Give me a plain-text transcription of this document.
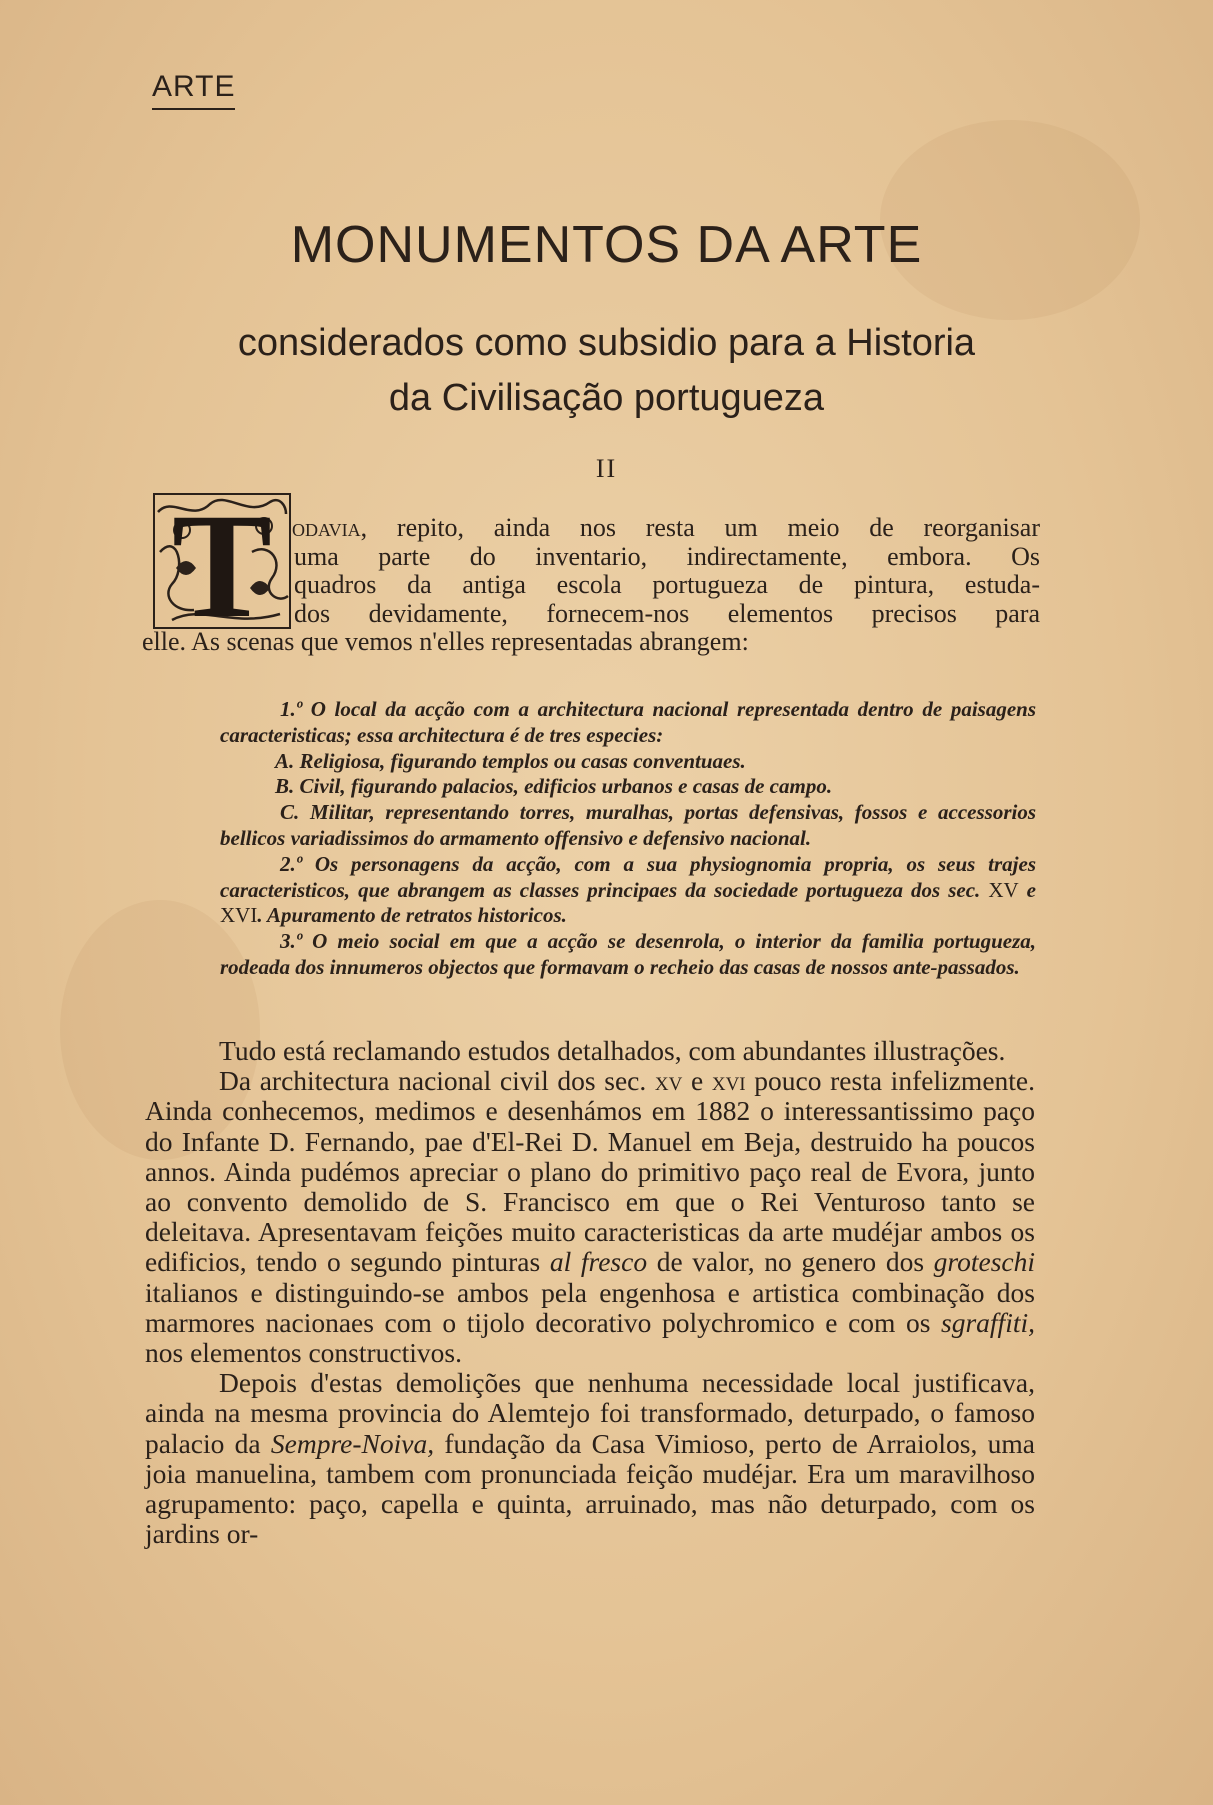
ARTE
MONUMENTOS DA ARTE
considerados como subsidio para a Historia
da Civilisação portugueza
II
T odavia, repito, ainda nos resta um meio de reorganisar
uma parte do inventario, indirectamente, embora. Os
quadros da antiga escola portugueza de pintura, estuda-
dos devidamente, fornecem-nos elementos precisos para
elle. As scenas que vemos n'elles representadas abrangem:

1.º O local da acção com a architectura nacional representada dentro de paisagens caracteristicas; essa architectura é de tres especies:

A. Religiosa, figurando templos ou casas conventuaes.

B. Civil, figurando palacios, edificios urbanos e casas de campo.

C. Militar, representando torres, muralhas, portas defensivas, fossos e accessorios bellicos variadissimos do armamento offensivo e defensivo nacional.

2.º Os personagens da acção, com a sua physiognomia propria, os seus trajes caracteristicos, que abrangem as classes principaes da sociedade portugueza dos sec. XV e XVI. Apuramento de retratos historicos.

3.º O meio social em que a acção se desenrola, o interior da familia portugueza, rodeada dos innumeros objectos que formavam o recheio das casas de nossos ante-passados.

Tudo está reclamando estudos detalhados, com abundantes illustrações.

Da architectura nacional civil dos sec. xv e xvi pouco resta infelizmente. Ainda conhecemos, medimos e desenhámos em 1882 o interessantissimo paço do Infante D. Fernando, pae d'El-Rei D. Manuel em Beja, destruido ha poucos annos. Ainda pudémos apreciar o plano do primitivo paço real de Evora, junto ao convento demolido de S. Francisco em que o Rei Venturoso tanto se deleitava. Apresentavam feições muito caracteristicas da arte mudéjar ambos os edificios, tendo o segundo pinturas al fresco de valor, no genero dos groteschi italianos e distinguindo-se ambos pela engenhosa e artistica combinação dos marmores nacionaes com o tijolo decorativo polychromico e com os sgraffiti, nos elementos constructivos.

Depois d'estas demolições que nenhuma necessidade local justificava, ainda na mesma provincia do Alemtejo foi transformado, deturpado, o famoso palacio da Sempre-Noiva, fundação da Casa Vimioso, perto de Arraiolos, uma joia manuelina, tambem com pronunciada feição mudéjar. Era um maravilhoso agrupamento: paço, capella e quinta, arruinado, mas não deturpado, com os jardins or-
